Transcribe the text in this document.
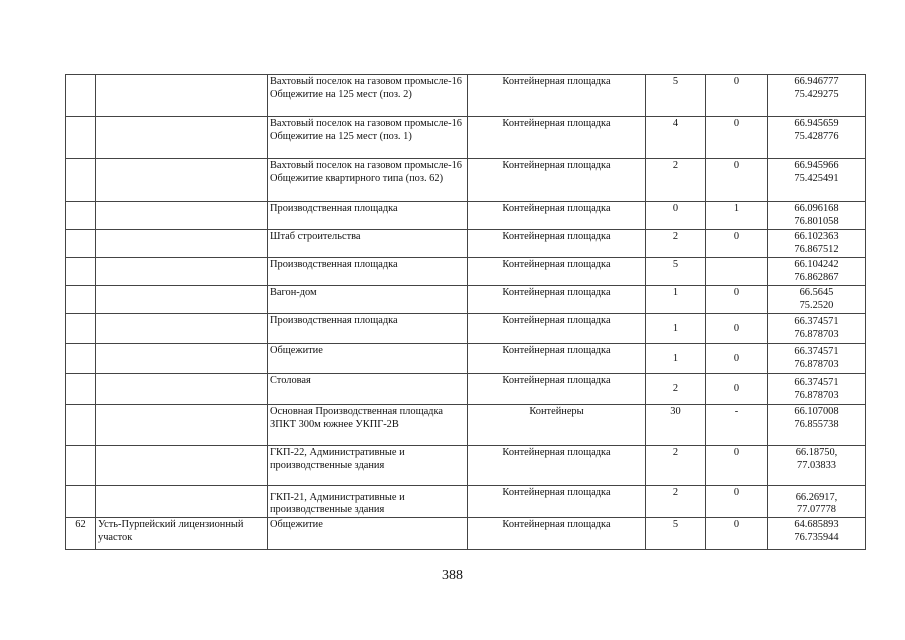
		Вахтовый поселок на газовом промысле-16 Общежитие на 125 мест (поз. 2)	Контейнерная площадка	5	0	66.946777
75.429275
		Вахтовый поселок на газовом промысле-16 Общежитие на 125 мест (поз. 1)	Контейнерная площадка	4	0	66.945659
75.428776
		Вахтовый поселок на газовом промысле-16 Общежитие квартирного типа (поз. 62)	Контейнерная площадка	2	0	66.945966
75.425491
		Производственная площадка	Контейнерная площадка	0	1	66.096168
76.801058
		Штаб строительства	Контейнерная площадка	2	0	66.102363
76.867512
		Производственная площадка	Контейнерная площадка	5		66.104242
76.862867
		Вагон-дом	Контейнерная площадка	1	0	66.5645
75.2520
		Производственная площадка	Контейнерная площадка	1	0	66.374571
76.878703
		Общежитие	Контейнерная площадка	1	0	66.374571
76.878703
		Столовая	Контейнерная площадка	2	0	66.374571
76.878703
		Основная Производственная площадка ЗПКТ 300м южнее УКПГ-2В	Контейнеры	30	-	66.107008
76.855738
		ГКП-22, Административные и производственные здания	Контейнерная площадка	2	0	66.18750,
77.03833
		ГКП-21, Административные и производственные здания	Контейнерная площадка	2	0	66.26917,
77.07778
62	Усть-Пурпейский лицензионный участок	Общежитие	Контейнерная площадка	5	0	64.685893
76.735944
388
